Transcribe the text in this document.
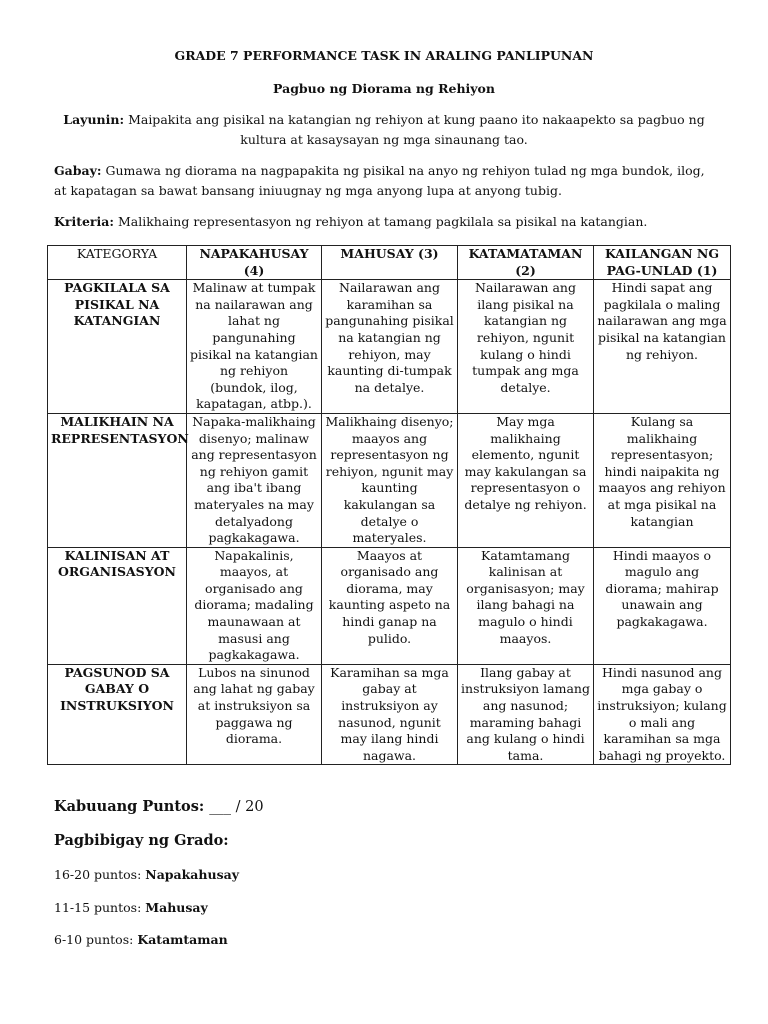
GRADE 7 PERFORMANCE TASK IN ARALING PANLIPUNAN
Pagbuo ng Diorama ng Rehiyon
Layunin: Maipakita ang pisikal na katangian ng rehiyon at kung paano ito nakaapekto sa pagbuo ng kultura at kasaysayan ng mga sinaunang tao.
Gabay: Gumawa ng diorama na nagpapakita ng pisikal na anyo ng rehiyon tulad ng mga bundok, ilog, at kapatagan sa bawat bansang iniuugnay ng mga anyong lupa at anyong tubig.
Kriteria: Malikhaing representasyon ng rehiyon at tamang pagkilala sa pisikal na katangian.
KATEGORYA	NAPAKAHUSAY (4)	MAHUSAY (3)	KATAMATAMAN (2)	KAILANGAN NG PAG-UNLAD (1)
PAGKILALA SA PISIKAL NA KATANGIAN	Malinaw at tumpak na nailarawan ang lahat ng pangunahing pisikal na katangian ng rehiyon (bundok, ilog, kapatagan, atbp.).	Nailarawan ang karamihan sa pangunahing pisikal na katangian ng rehiyon, may kaunting di-tumpak na detalye.	Nailarawan ang ilang pisikal na katangian ng rehiyon, ngunit kulang o hindi tumpak ang mga detalye.	Hindi sapat ang pagkilala o maling nailarawan ang mga pisikal na katangian ng rehiyon.
MALIKHAIN NA REPRESENTASYON	Napaka-malikhaing disenyo; malinaw ang representasyon ng rehiyon gamit ang iba't ibang materyales na may detalyadong pagkakagawa.	Malikhaing disenyo; maayos ang representasyon ng rehiyon, ngunit may kaunting kakulangan sa detalye o materyales.	May mga malikhaing elemento, ngunit may kakulangan sa representasyon o detalye ng rehiyon.	Kulang sa malikhaing representasyon; hindi naipakita ng maayos ang rehiyon at mga pisikal na katangian
KALINISAN AT ORGANISASYON	Napakalinis, maayos, at organisado ang diorama; madaling maunawaan at masusi ang pagkakagawa.	Maayos at organisado ang diorama, may kaunting aspeto na hindi ganap na pulido.	Katamtamang kalinisan at organisasyon; may ilang bahagi na magulo o hindi maayos.	Hindi maayos o magulo ang diorama; mahirap unawain ang pagkakagawa.
PAGSUNOD SA GABAY O INSTRUKSIYON	Lubos na sinunod ang lahat ng gabay at instruksiyon sa paggawa ng diorama.	Karamihan sa mga gabay at instruksiyon ay nasunod, ngunit may ilang hindi nagawa.	Ilang gabay at instruksiyon lamang ang nasunod; maraming bahagi ang kulang o hindi tama.	Hindi nasunod ang mga gabay o instruksiyon; kulang o mali ang karamihan sa mga bahagi ng proyekto.
Kabuuang Puntos: ___ / 20
Pagbibigay ng Grado:
16-20 puntos: Napakahusay
11-15 puntos: Mahusay
6-10 puntos: Katamtaman
